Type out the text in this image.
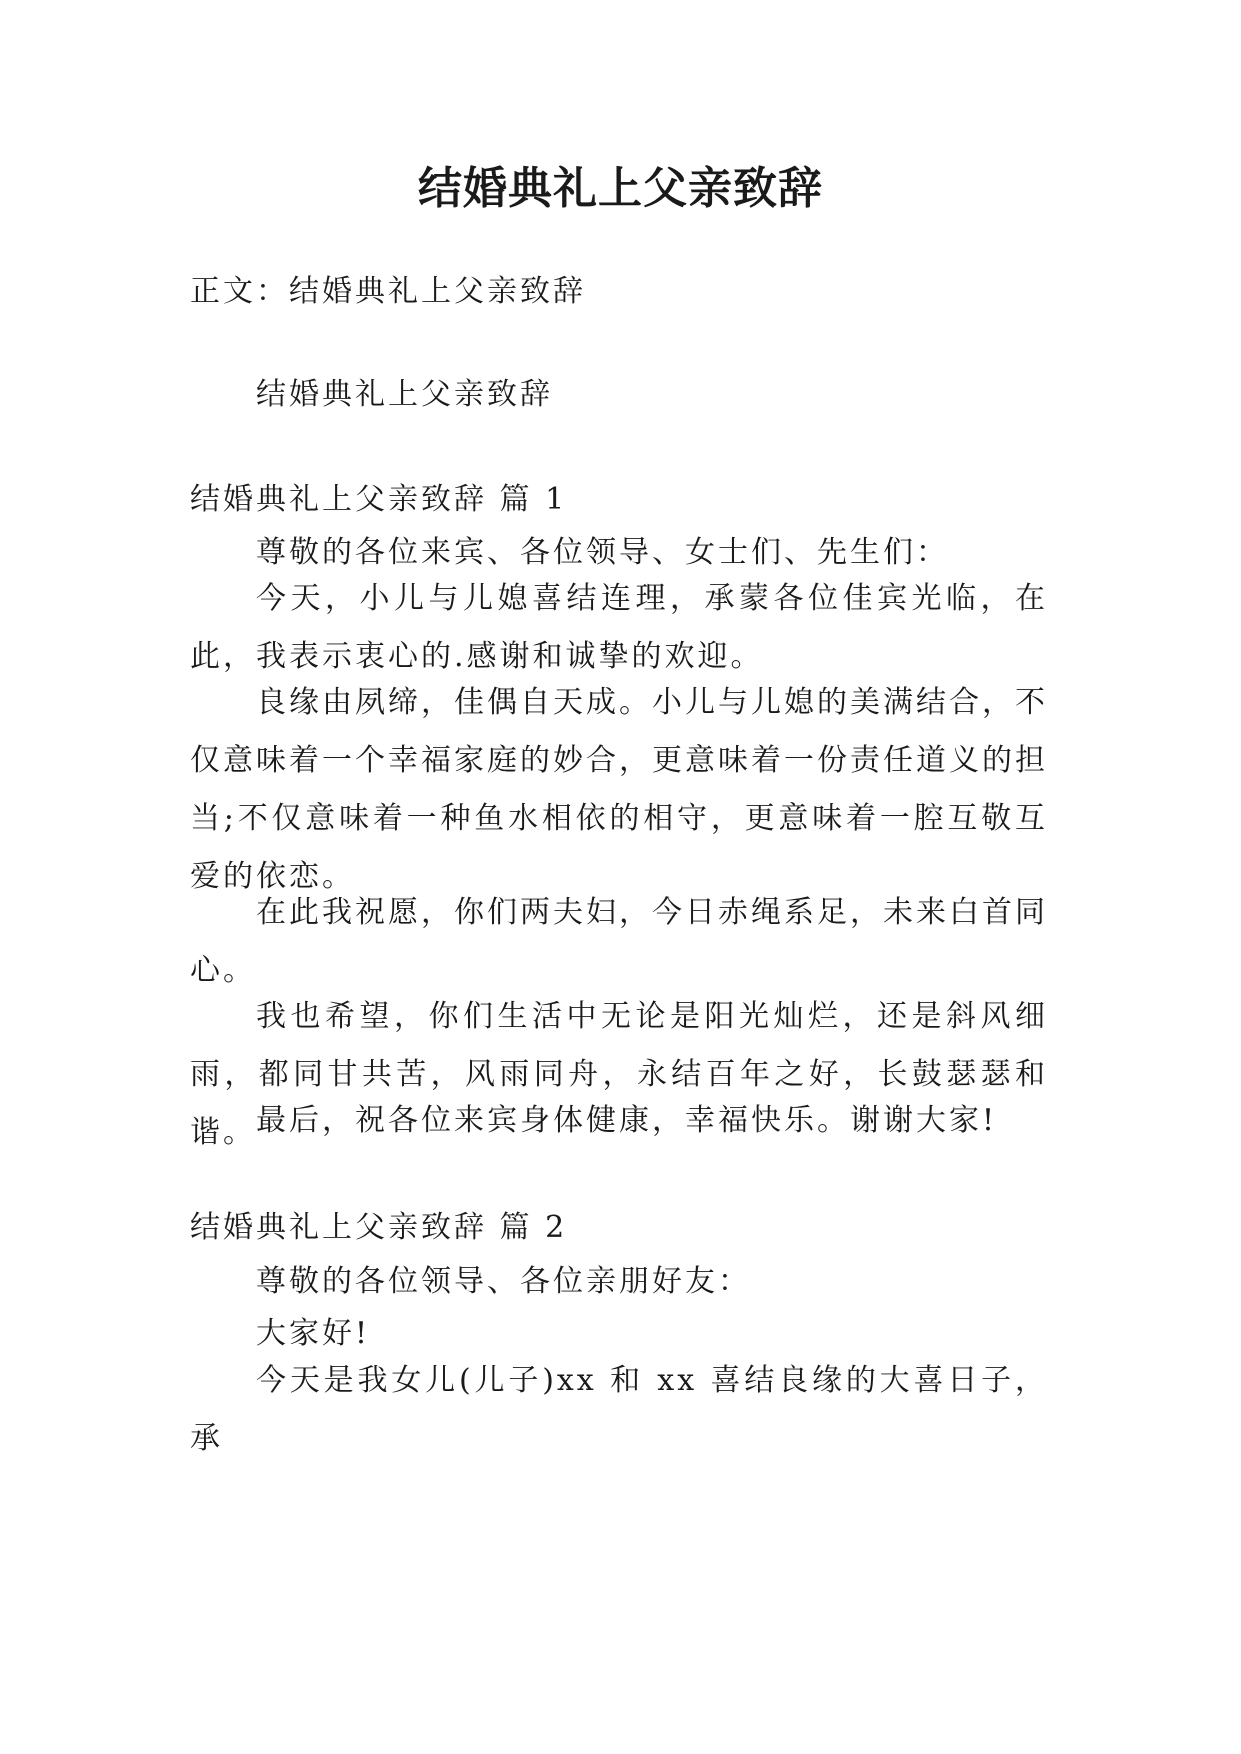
结婚典礼上父亲致辞
正文：结婚典礼上父亲致辞
结婚典礼上父亲致辞
结婚典礼上父亲致辞 篇 1
尊敬的各位来宾、各位领导、女士们、先生们：
今天，小儿与儿媳喜结连理，承蒙各位佳宾光临，在此，我表示衷心的.感谢和诚挚的欢迎。
良缘由夙缔，佳偶自天成。小儿与儿媳的美满结合，不仅意味着一个幸福家庭的妙合，更意味着一份责任道义的担当;不仅意味着一种鱼水相依的相守，更意味着一腔互敬互爱的依恋。
在此我祝愿，你们两夫妇，今日赤绳系足，未来白首同心。
我也希望，你们生活中无论是阳光灿烂，还是斜风细雨，都同甘共苦，风雨同舟，永结百年之好，长鼓瑟瑟和谐。 最后，祝各位来宾身体健康，幸福快乐。谢谢大家!
结婚典礼上父亲致辞 篇 2
尊敬的各位领导、各位亲朋好友：
大家好!
今天是我女儿(儿子)xx 和 xx 喜结良缘的大喜日子，承
